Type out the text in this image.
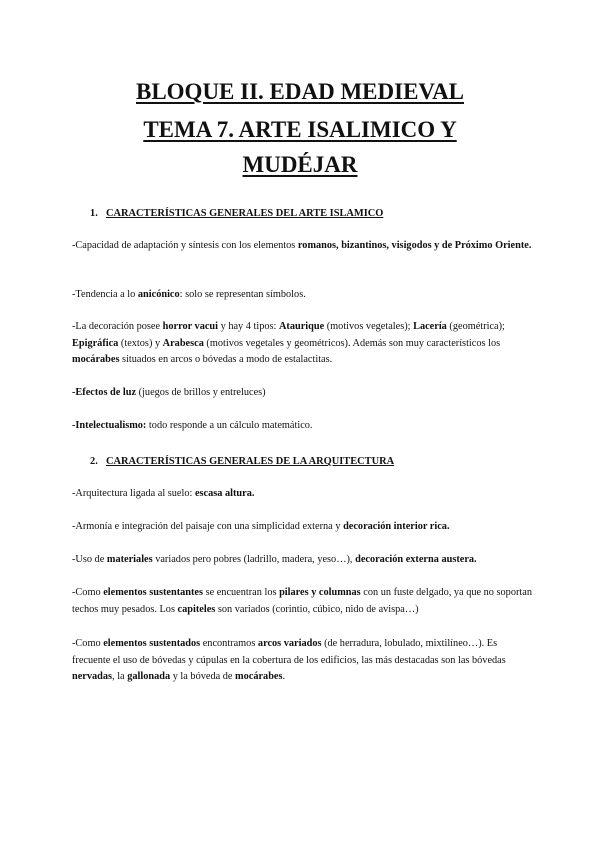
BLOQUE II. EDAD MEDIEVAL
TEMA 7. ARTE ISALIMICO Y
MUDÉJAR
1. CARACTERÍSTICAS GENERALES DEL ARTE ISLAMICO

-Capacidad de adaptación y síntesis con los elementos romanos, bizantinos, visigodos y de Próximo Oriente.

-Tendencia a lo anicónico: solo se representan símbolos.

-La decoración posee horror vacui y hay 4 tipos: Ataurique (motivos vegetales); Lacería (geométrica); Epigráfica (textos) y Arabesca (motivos vegetales y geométricos). Además son muy característicos los mocárabes situados en arcos o bóvedas a modo de estalactitas.

-Efectos de luz (juegos de brillos y entreluces)

-Intelectualismo: todo responde a un cálculo matemático.

2. CARACTERÍSTICAS GENERALES DE LA ARQUITECTURA

-Arquitectura ligada al suelo: escasa altura.

-Armonía e integración del paisaje con una simplicidad externa y decoración interior rica.

-Uso de materiales variados pero pobres (ladrillo, madera, yeso…), decoración externa austera.

-Como elementos sustentantes se encuentran los pilares y columnas con un fuste delgado, ya que no soportan techos muy pesados. Los capiteles son variados (corintio, cúbico, nido de avispa…)

-Como elementos sustentados encontramos arcos variados (de herradura, lobulado, mixtilíneo…). Es frecuente el uso de bóvedas y cúpulas en la cobertura de los edificios, las más destacadas son las bóvedas nervadas, la gallonada y la bóveda de mocárabes.
